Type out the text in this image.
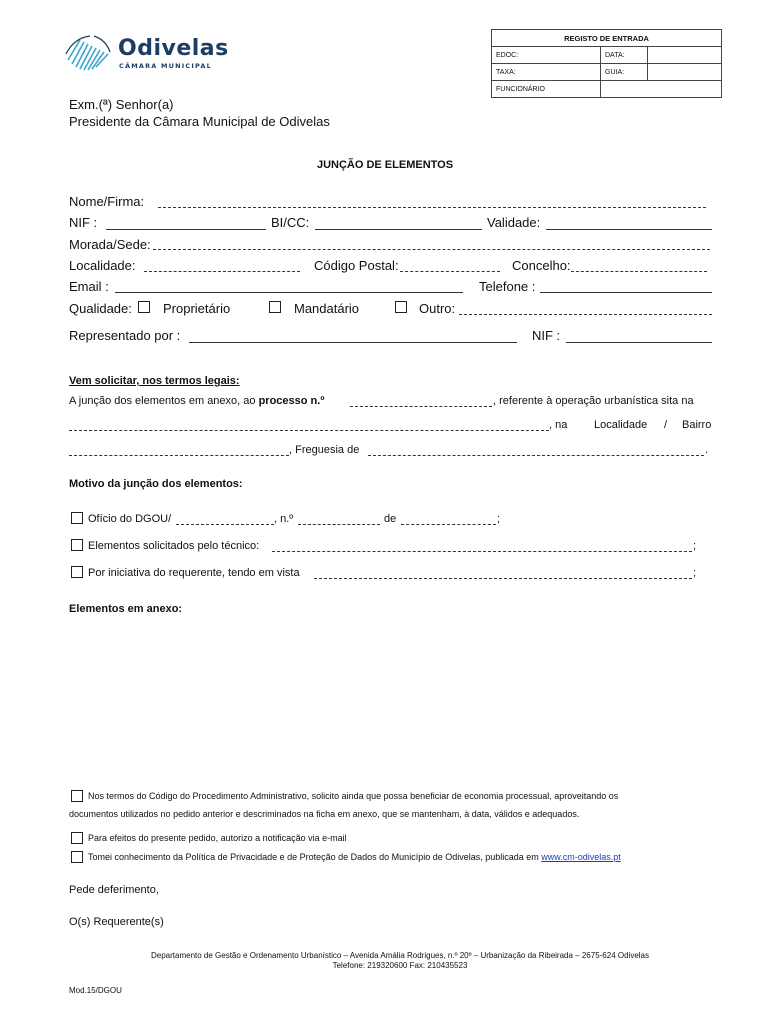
Odivelas
CÂMARA MUNICIPAL
REGISTO DE ENTRADA		
EDOC:	DATA:	
TAXA:	GUIA:	
FUNCIONÁRIO		
Exm.(ª) Senhor(a)
Presidente da Câmara Municipal de Odivelas
JUNÇÃO DE ELEMENTOS
Nome/Firma:
NIF :	BI/CC:	Validade:
Morada/Sede:
Localidade:	Código Postal:	Concelho:
Email :	Telefone :
Qualidade: Proprietário	Mandatário	Outro:
Representado por :	NIF :
Vem solicitar, nos termos legais:
A junção dos elementos em anexo, ao processo n.º	, referente à operação urbanística sita na
, na Localidade / Bairro
, Freguesia de	.
Motivo da junção dos elementos:
Ofício do DGOU/	, n.º	de	;
Elementos solicitados pelo técnico:	;
Por iniciativa do requerente, tendo em vista	;
Elementos em anexo:
Nos termos do Código do Procedimento Administrativo, solicito ainda que possa beneficiar de economia processual, aproveitando os
documentos utilizados no pedido anterior e descriminados na ficha em anexo, que se mantenham, à data, válidos e adequados.
Para efeitos do presente pedido, autorizo a notificação via e-mail
Tomei conhecimento da Política de Privacidade e de Proteção de Dados do Município de Odivelas, publicada em www.cm-odivelas.pt
Pede deferimento,
O(s) Requerente(s)
Departamento de Gestão e Ordenamento Urbanístico – Avenida Amália Rodrigues, n.º 20º – Urbanização da Ribeirada – 2675-624 Odivelas
Telefone: 219320600 Fax: 210435523
Mod.15/DGOU
